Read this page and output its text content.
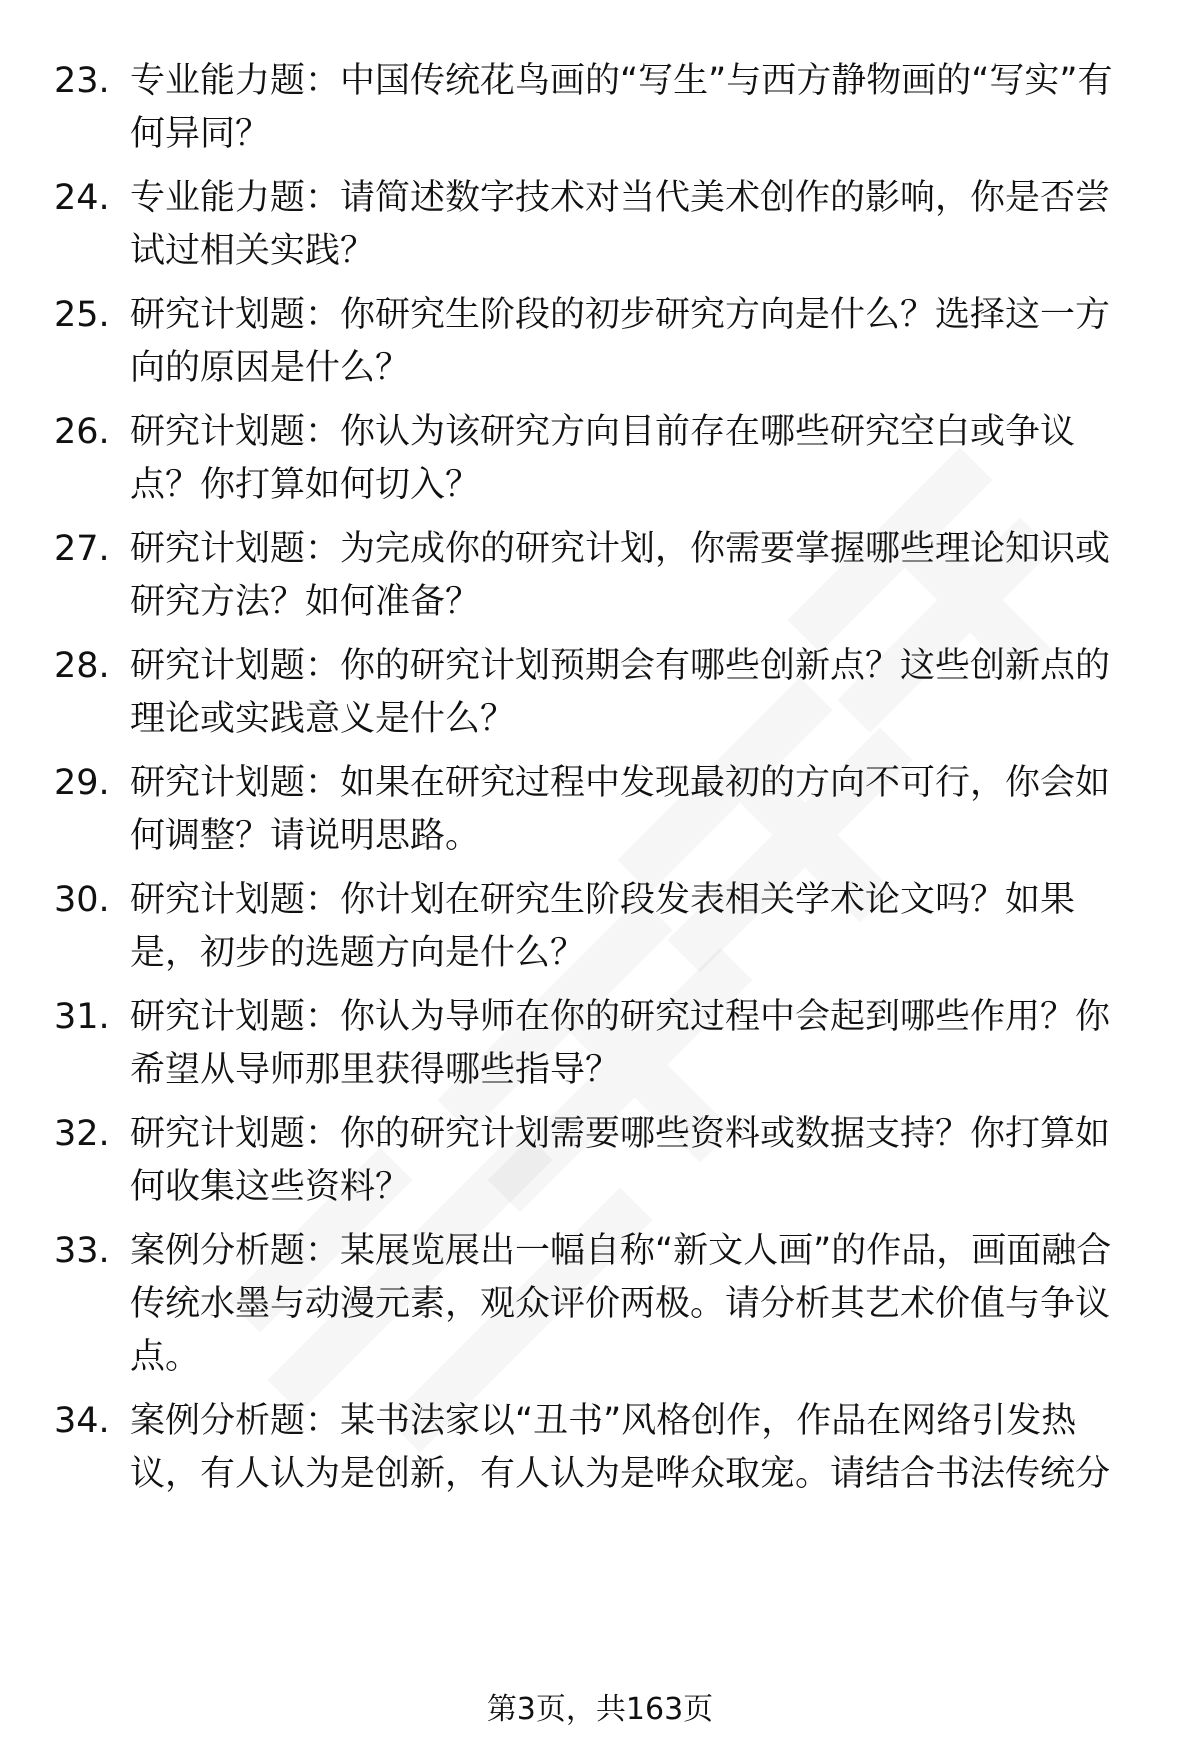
23. 专业能力题：中国传统花鸟画的“写生”与西方静物画的“写实”有何异同？
24. 专业能力题：请简述数字技术对当代美术创作的影响，你是否尝试过相关实践？
25. 研究计划题：你研究生阶段的初步研究方向是什么？选择这一方向的原因是什么？
26. 研究计划题：你认为该研究方向目前存在哪些研究空白或争议点？你打算如何切入？
27. 研究计划题：为完成你的研究计划，你需要掌握哪些理论知识或研究方法？如何准备？
28. 研究计划题：你的研究计划预期会有哪些创新点？这些创新点的理论或实践意义是什么？
29. 研究计划题：如果在研究过程中发现最初的方向不可行，你会如何调整？请说明思路。
30. 研究计划题：你计划在研究生阶段发表相关学术论文吗？如果是，初步的选题方向是什么？
31. 研究计划题：你认为导师在你的研究过程中会起到哪些作用？你希望从导师那里获得哪些指导？
32. 研究计划题：你的研究计划需要哪些资料或数据支持？你打算如何收集这些资料？
33. 案例分析题：某展览展出一幅自称“新文人画”的作品，画面融合传统水墨与动漫元素，观众评价两极。请分析其艺术价值与争议点。
34. 案例分析题：某书法家以“丑书”风格创作，作品在网络引发热议，有人认为是创新，有人认为是哗众取宠。请结合书法传统分
第3页，共163页
